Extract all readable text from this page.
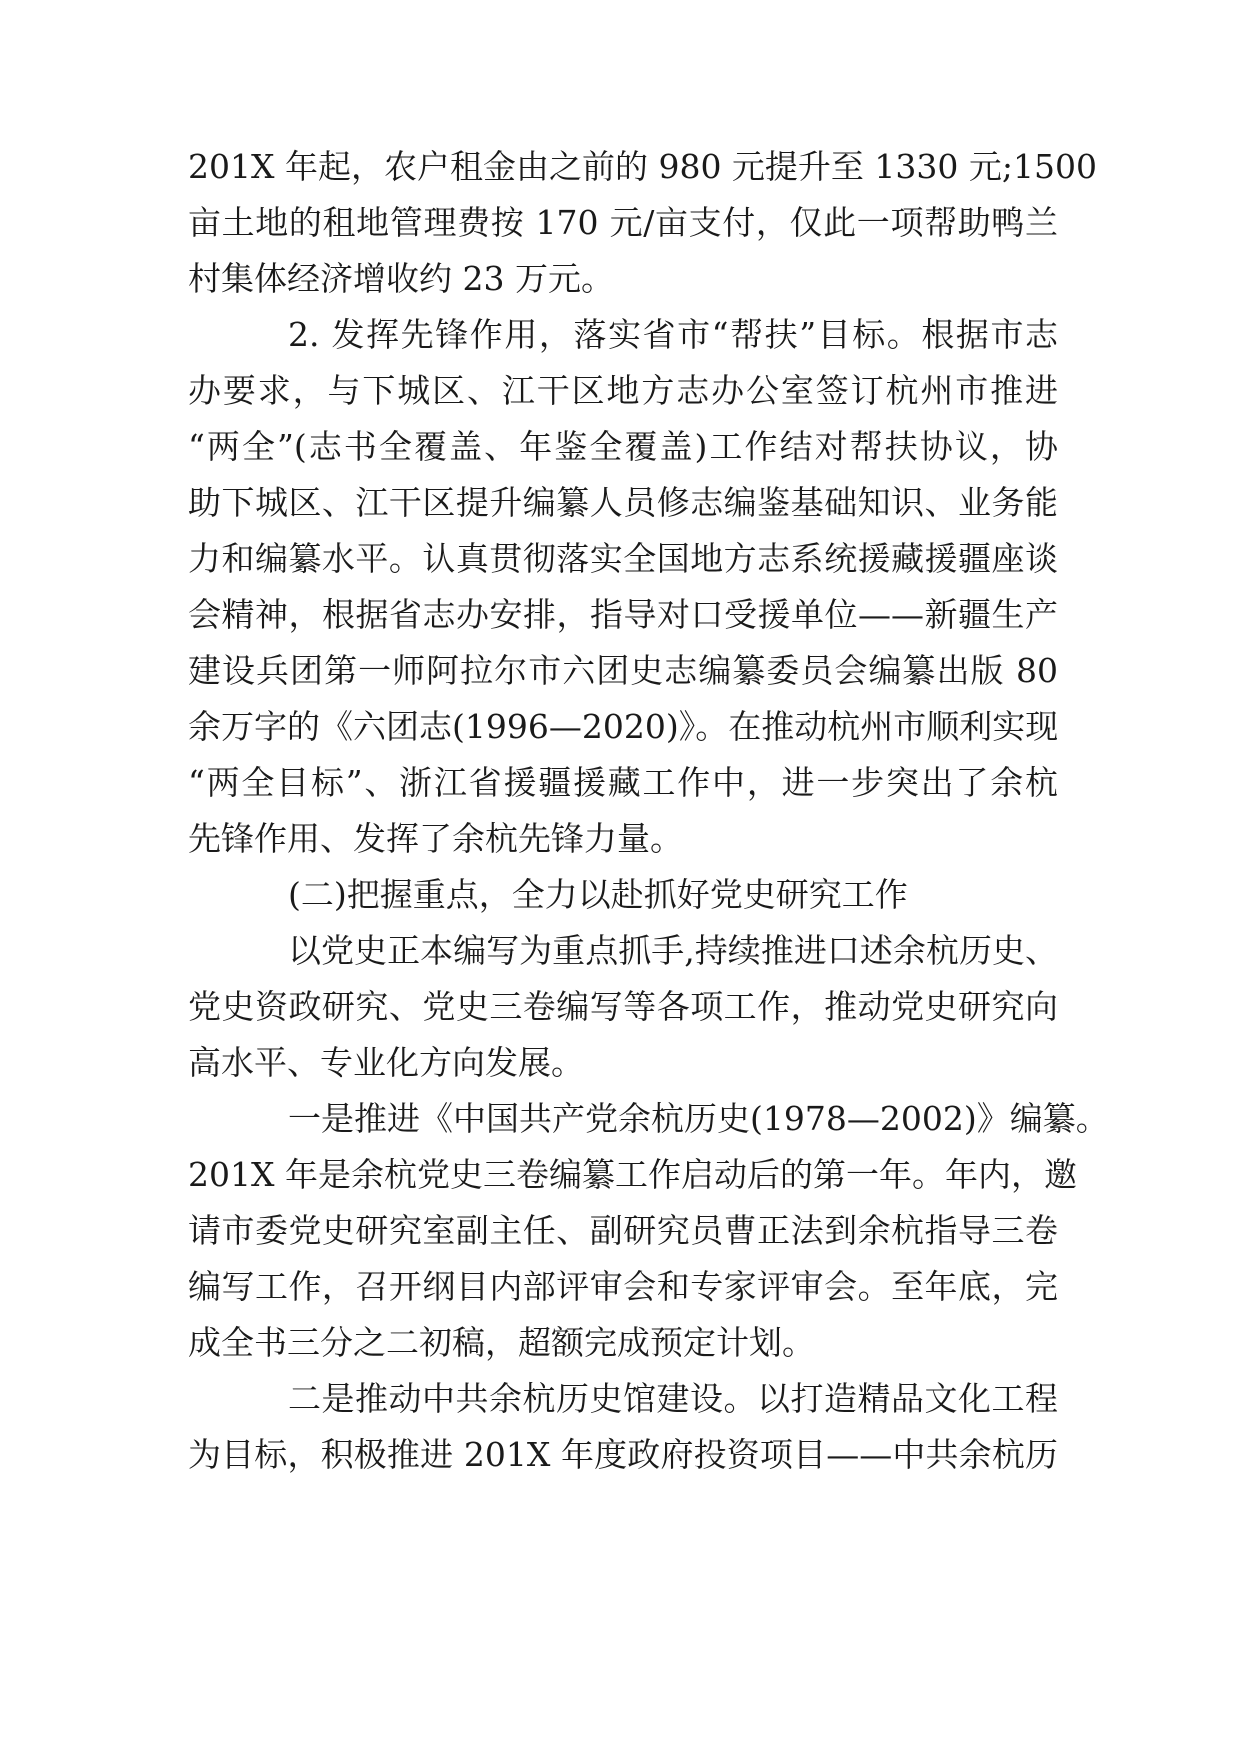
201X 年起，农户租金由之前的 980 元提升至 1330 元;1500
亩土地的租地管理费按 170 元/亩支付，仅此一项帮助鸭兰
村集体经济增收约 23 万元。
2. 发挥先锋作用，落实省市“帮扶”目标。根据市志
办要求，与下城区、江干区地方志办公室签订杭州市推进
“两全”(志书全覆盖、年鉴全覆盖)工作结对帮扶协议，协
助下城区、江干区提升编纂人员修志编鉴基础知识、业务能
力和编纂水平。认真贯彻落实全国地方志系统援藏援疆座谈
会精神，根据省志办安排，指导对口受援单位——新疆生产
建设兵团第一师阿拉尔市六团史志编纂委员会编纂出版 80
余万字的《六团志(1996—2020)》。在推动杭州市顺利实现
“两全目标”、浙江省援疆援藏工作中，进一步突出了余杭
先锋作用、发挥了余杭先锋力量。
(二)把握重点，全力以赴抓好党史研究工作
以党史正本编写为重点抓手,持续推进口述余杭历史、
党史资政研究、党史三卷编写等各项工作，推动党史研究向
高水平、专业化方向发展。
一是推进《中国共产党余杭历史(1978—2002)》编纂。
201X 年是余杭党史三卷编纂工作启动后的第一年。年内，邀
请市委党史研究室副主任、副研究员曹正法到余杭指导三卷
编写工作，召开纲目内部评审会和专家评审会。至年底，完
成全书三分之二初稿，超额完成预定计划。
二是推动中共余杭历史馆建设。以打造精品文化工程
为目标，积极推进 201X 年度政府投资项目——中共余杭历
